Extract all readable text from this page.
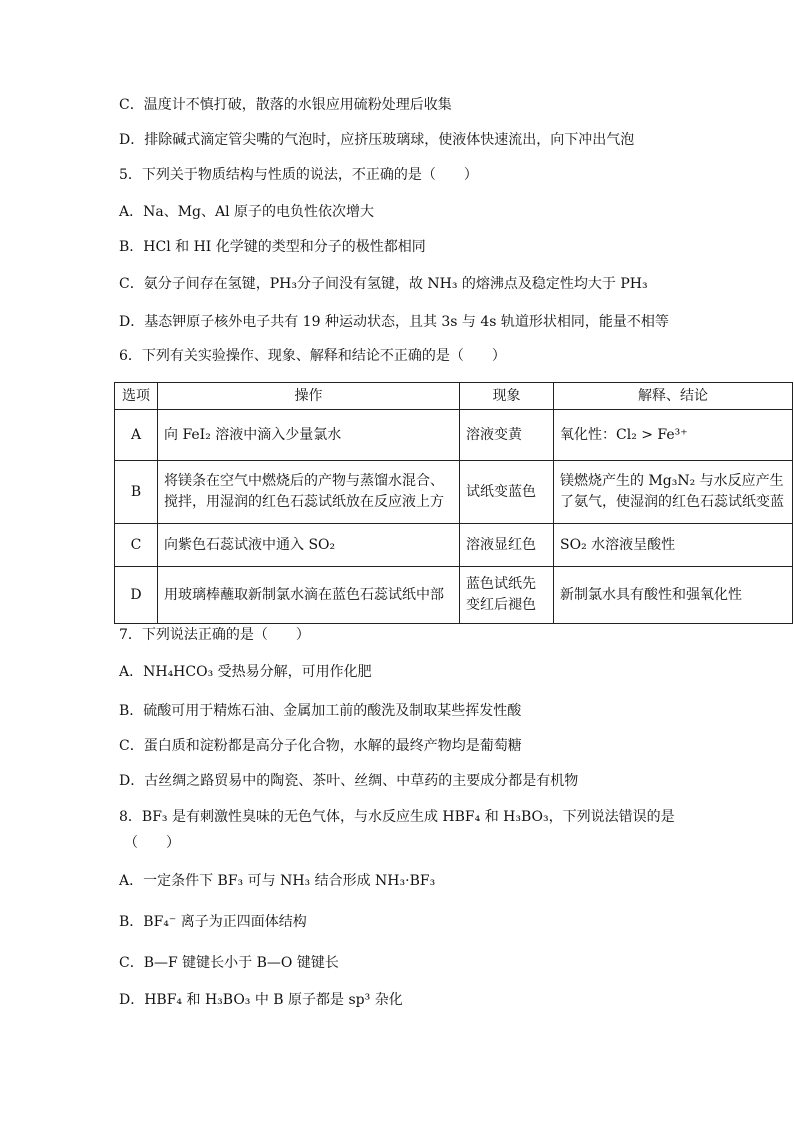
C．温度计不慎打破，散落的水银应用硫粉处理后收集
D．排除碱式滴定管尖嘴的气泡时，应挤压玻璃球，使液体快速流出，向下冲出气泡
5．下列关于物质结构与性质的说法，不正确的是（　　）
A．Na、Mg、Al 原子的电负性依次增大
B．HCl 和 HI 化学键的类型和分子的极性都相同
C．氨分子间存在氢键，PH₃分子间没有氢键，故 NH₃ 的熔沸点及稳定性均大于 PH₃
D．基态钾原子核外电子共有 19 种运动状态，且其 3s 与 4s 轨道形状相同，能量不相等
6．下列有关实验操作、现象、解释和结论不正确的是（　　）
选项	操作	现象	解释、结论
A	向 FeI₂ 溶液中滴入少量氯水	溶液变黄	氧化性：Cl₂ > Fe³⁺
B	将镁条在空气中燃烧后的产物与蒸馏水混合、搅拌，用湿润的红色石蕊试纸放在反应液上方	试纸变蓝色	镁燃烧产生的 Mg₃N₂ 与水反应产生了氨气，使湿润的红色石蕊试纸变蓝
C	向紫色石蕊试液中通入 SO₂	溶液显红色	SO₂ 水溶液呈酸性
D	用玻璃棒蘸取新制氯水滴在蓝色石蕊试纸中部	蓝色试纸先变红后褪色	新制氯水具有酸性和强氧化性
7．下列说法正确的是（　　）
A．NH₄HCO₃ 受热易分解，可用作化肥
B．硫酸可用于精炼石油、金属加工前的酸洗及制取某些挥发性酸
C．蛋白质和淀粉都是高分子化合物，水解的最终产物均是葡萄糖
D．古丝绸之路贸易中的陶瓷、茶叶、丝绸、中草药的主要成分都是有机物
8．BF₃ 是有刺激性臭味的无色气体，与水反应生成 HBF₄ 和 H₃BO₃，下列说法错误的是
（　　）
A．一定条件下 BF₃ 可与 NH₃ 结合形成 NH₃·BF₃
B．BF₄⁻ 离子为正四面体结构
C．B—F 键键长小于 B—O 键键长
D．HBF₄ 和 H₃BO₃ 中 B 原子都是 sp³ 杂化
